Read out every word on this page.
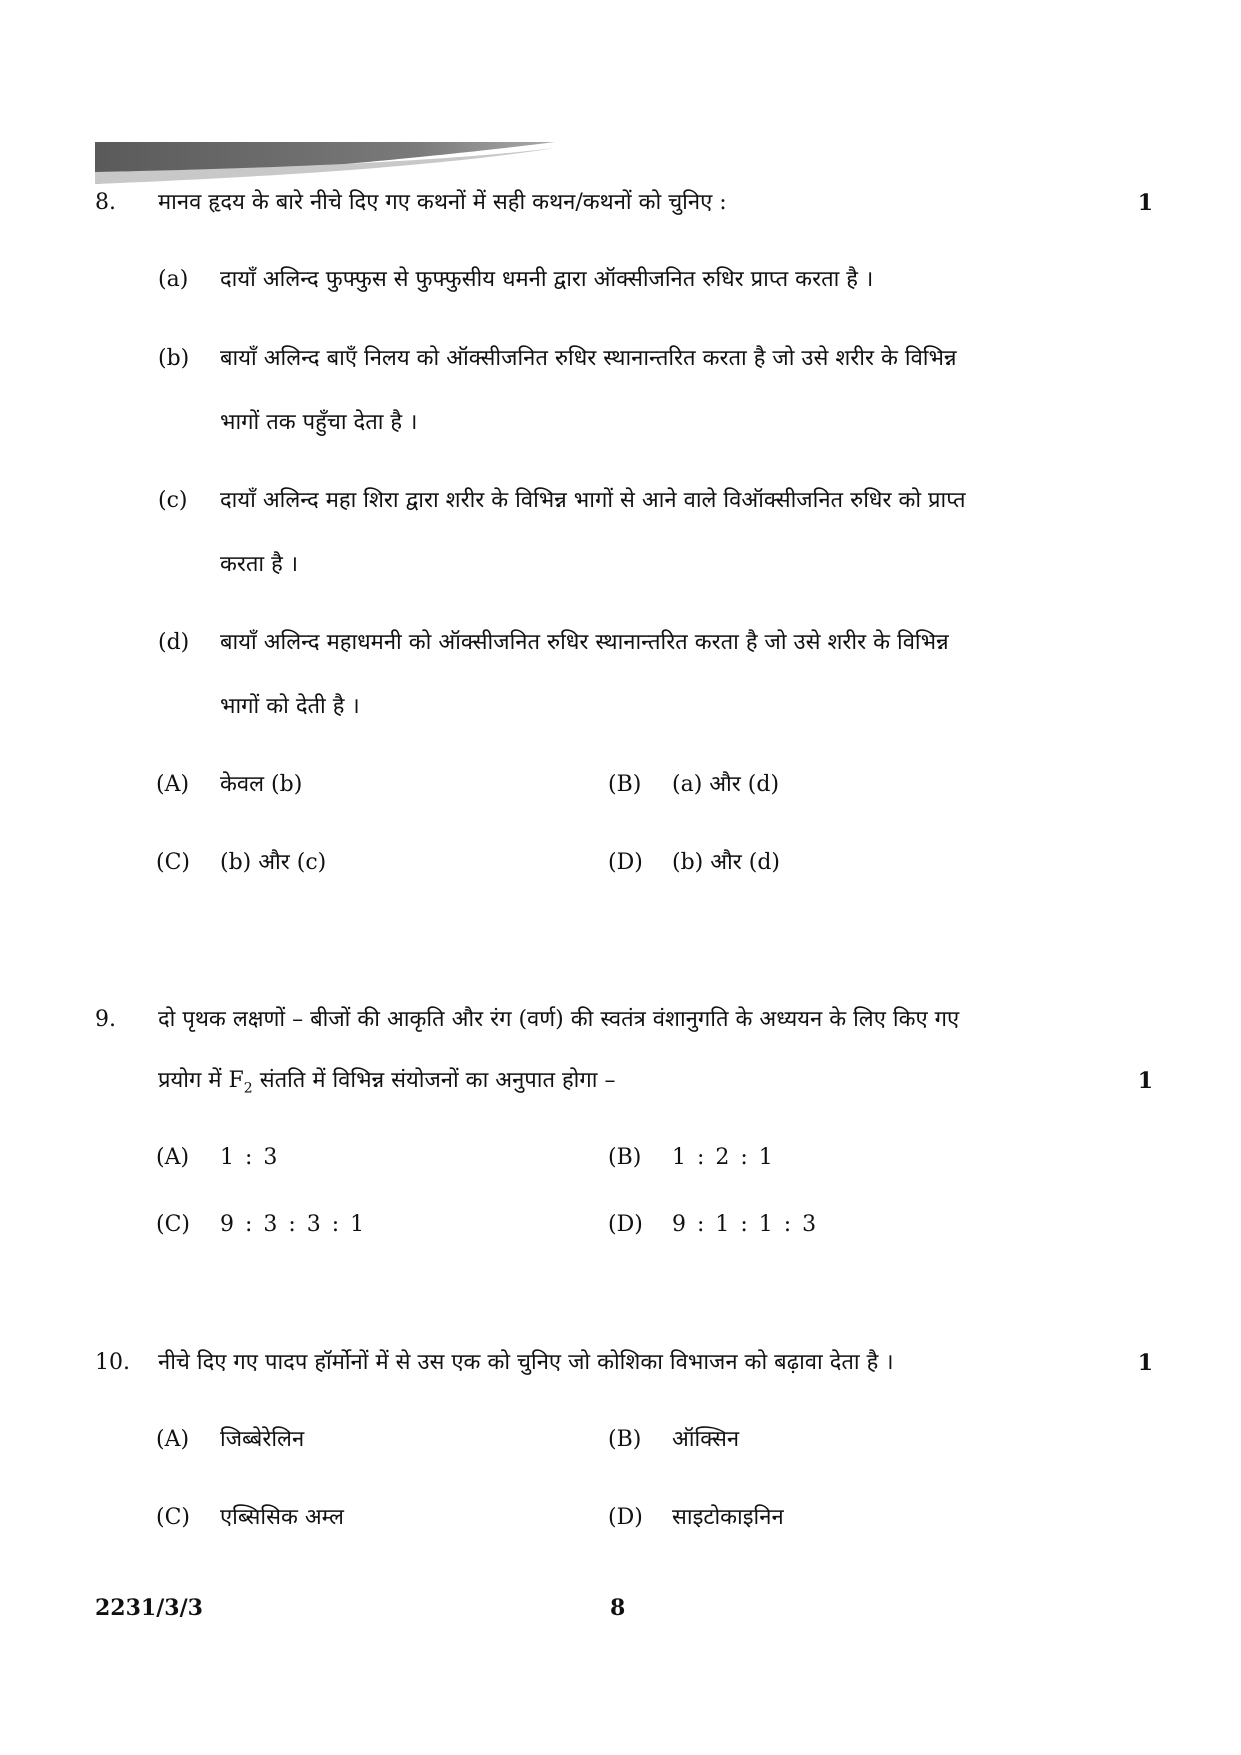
8. मानव हृदय के बारे नीचे दिए गए कथनों में सही कथन/कथनों को चुनिए :	1
(a) दायाँ अलिन्द फुफ्फुस से फुफ्फुसीय धमनी द्वारा ऑक्सीजनित रुधिर प्राप्त करता है ।
(b) बायाँ अलिन्द बाएँ निलय को ऑक्सीजनित रुधिर स्थानान्तरित करता है जो उसे शरीर के विभिन्न
भागों तक पहुँचा देता है ।
(c) दायाँ अलिन्द महा शिरा द्वारा शरीर के विभिन्न भागों से आने वाले विऑक्सीजनित रुधिर को प्राप्त
करता है ।
(d) बायाँ अलिन्द महाधमनी को ऑक्सीजनित रुधिर स्थानान्तरित करता है जो उसे शरीर के विभिन्न
भागों को देती है ।
(A) केवल (b)	(B) (a) और (d)
(C) (b) और (c)	(D) (b) और (d)
9. दो पृथक लक्षणों – बीजों की आकृति और रंग (वर्ण) की स्वतंत्र वंशानुगति के अध्ययन के लिए किए गए
प्रयोग में $F_2$ संतति में विभिन्न संयोजनों का अनुपात होगा –	1
(A) 1 : 3	(B) 1 : 2 : 1
(C) 9 : 3 : 3 : 1	(D) 9 : 1 : 1 : 3
10. नीचे दिए गए पादप हॉर्मोनों में से उस एक को चुनिए जो कोशिका विभाजन को बढ़ावा देता है ।	1
(A) जिब्बेरेलिन	(B) ऑक्सिन
(C) एब्सिसिक अम्ल	(D) साइटोकाइनिन
2231/3/3	8
